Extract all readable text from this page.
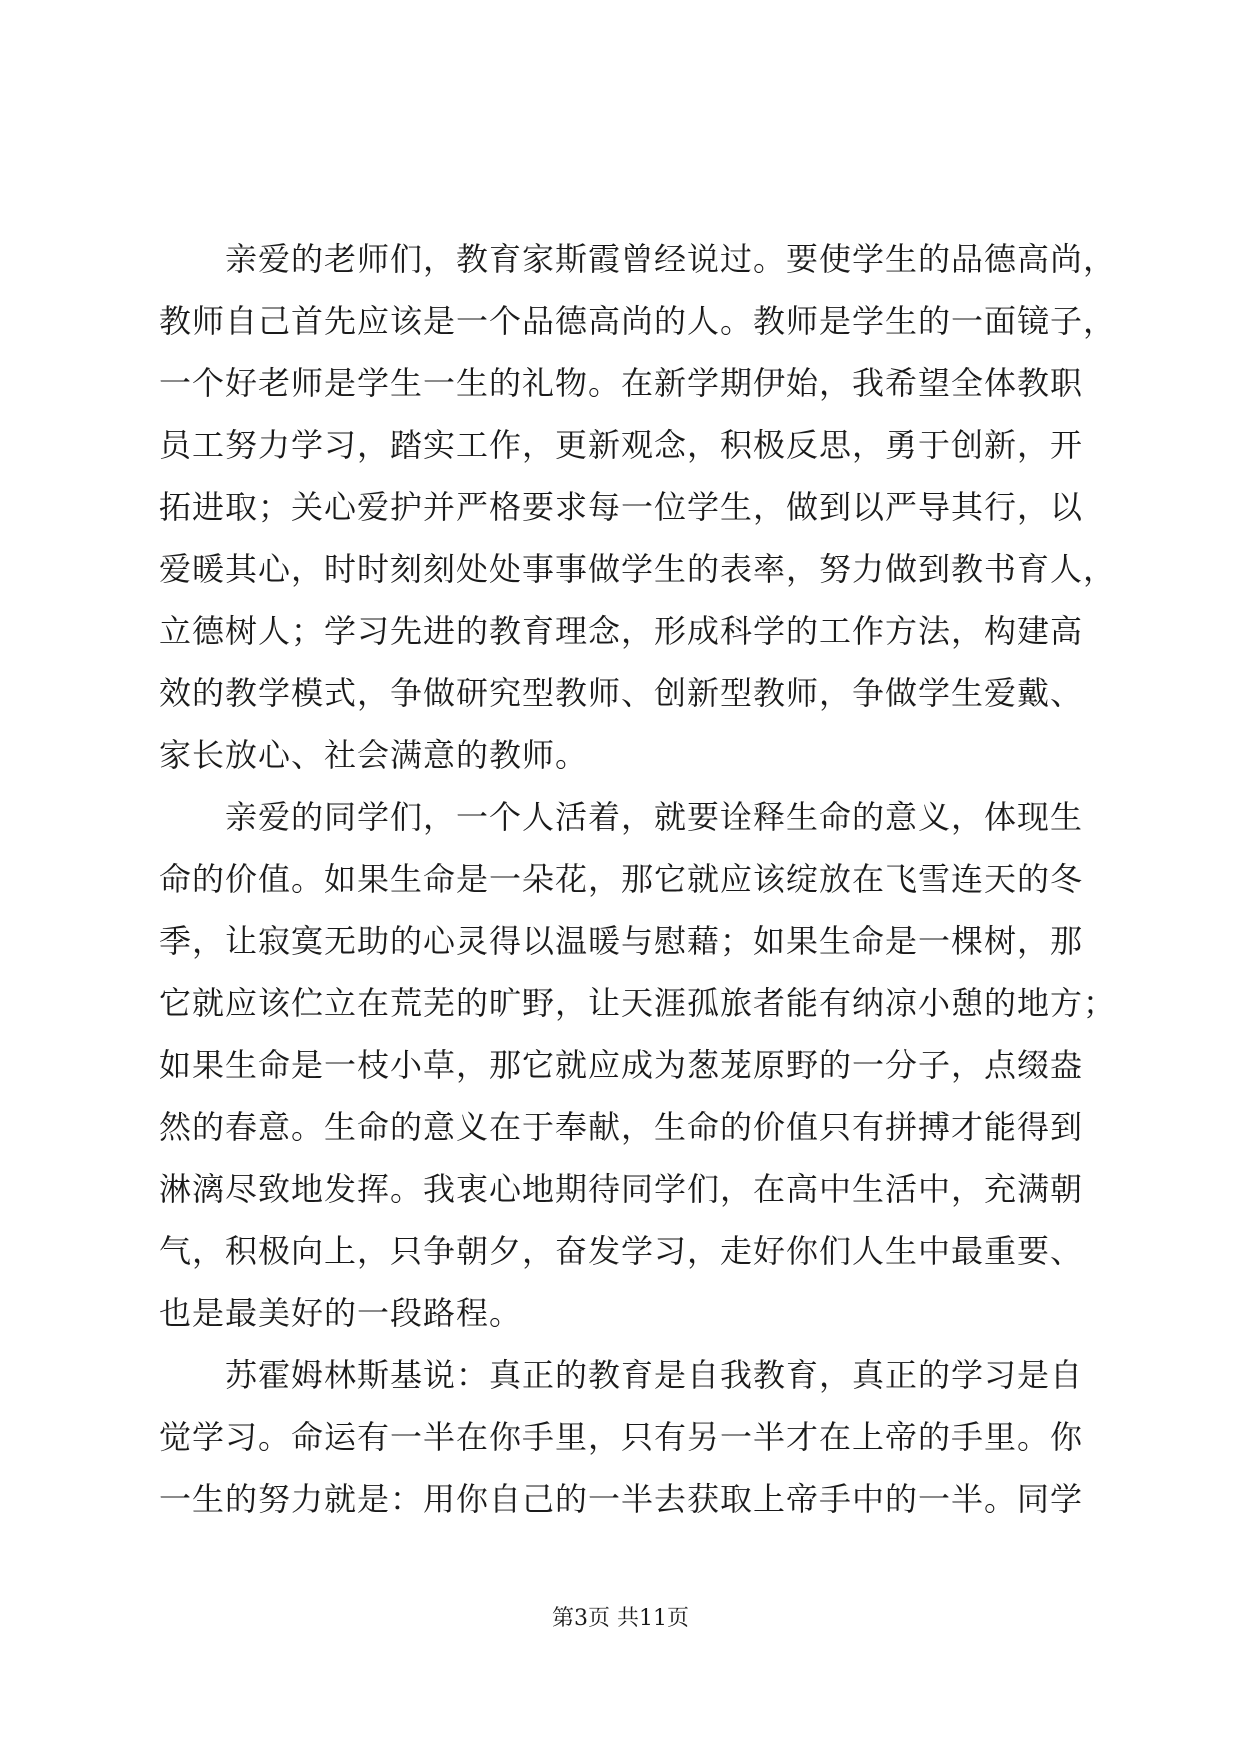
　　亲爱的老师们，教育家斯霞曾经说过。要使学生的品德高尚，
教师自己首先应该是一个品德高尚的人。教师是学生的一面镜子，
一个好老师是学生一生的礼物。在新学期伊始，我希望全体教职
员工努力学习，踏实工作，更新观念，积极反思，勇于创新，开
拓进取；关心爱护并严格要求每一位学生，做到以严导其行，以
爱暖其心，时时刻刻处处事事做学生的表率，努力做到教书育人，
立德树人；学习先进的教育理念，形成科学的工作方法，构建高
效的教学模式，争做研究型教师、创新型教师，争做学生爱戴、
家长放心、社会满意的教师。
　　亲爱的同学们，一个人活着，就要诠释生命的意义，体现生
命的价值。如果生命是一朵花，那它就应该绽放在飞雪连天的冬
季，让寂寞无助的心灵得以温暖与慰藉；如果生命是一棵树，那
它就应该伫立在荒芜的旷野，让天涯孤旅者能有纳凉小憩的地方；
如果生命是一枝小草，那它就应成为葱茏原野的一分子，点缀盎
然的春意。生命的意义在于奉献，生命的价值只有拼搏才能得到
淋漓尽致地发挥。我衷心地期待同学们，在高中生活中，充满朝
气，积极向上，只争朝夕，奋发学习，走好你们人生中最重要、
也是最美好的一段路程。
　　苏霍姆林斯基说：真正的教育是自我教育，真正的学习是自
觉学习。命运有一半在你手里，只有另一半才在上帝的手里。你
一生的努力就是：用你自己的一半去获取上帝手中的一半。同学
第3页 共11页
